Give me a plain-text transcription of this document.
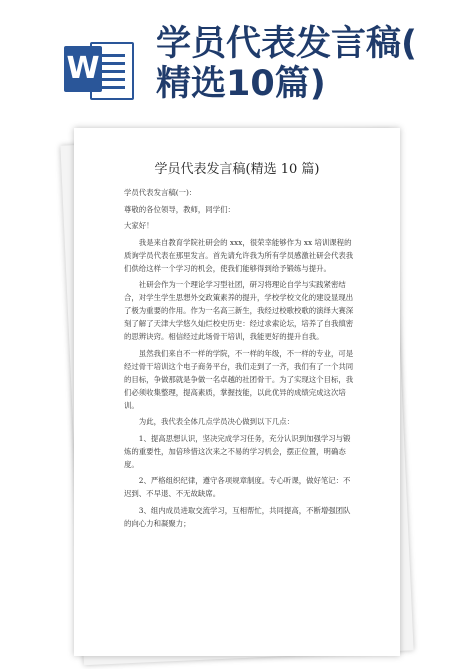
W
学员代表发言稿(
精选10篇)
学员代表发言稿(精选 10 篇)

学员代表发言稿(一)：

尊敬的各位领导，教师，同学们：

大家好！

我是来自教育学院社研会的 xxx，很荣幸能够作为 xx 培训课程的质询学员代表在那里发言。首先请允许我为所有学员感激社研会代表我们供给这样一个学习的机会，使我们能够得到给予锻练与提升。

社研会作为一个理论学习型社团，研习将理论自学与实践紧密结合，对学生学生思想外交政策素养的提升，学校学校文化的建设显现出了极为重要的作用。作为一名高三新生，我经过校歌校歌的演绎大赛深刻了解了天津大学悠久灿烂校史历史：经过求索论坛，培养了自我缜密的思辨诀窍。相信经过此场骨干培训，我能更好的提升自我。

虽然我们来自不一样的学院，不一样的年级，不一样的专业，可是经过骨干培训这个电子商务平台，我们走到了一齐，我们有了一个共同的目标，争做那就是争做一名卓越的社团骨干。为了实现这个目标，我们必须收集整理，提高素质，掌握技能，以此优异的成绩完成这次培训。

为此，我代表全体几点学员决心做到以下几点：

1、提高思想认识，坚决完成学习任务，充分认识到加强学习与锻炼的重要性，加倍珍惜这次来之不易的学习机会，摆正位置，明确态度。

2、严格组织纪律，遵守各项规章制度。专心听课，做好笔记：不迟到、不早退、不无故缺席。

3、组内成员进取交流学习，互相帮忙，共同提高，不断增强团队的向心力和凝聚力；
